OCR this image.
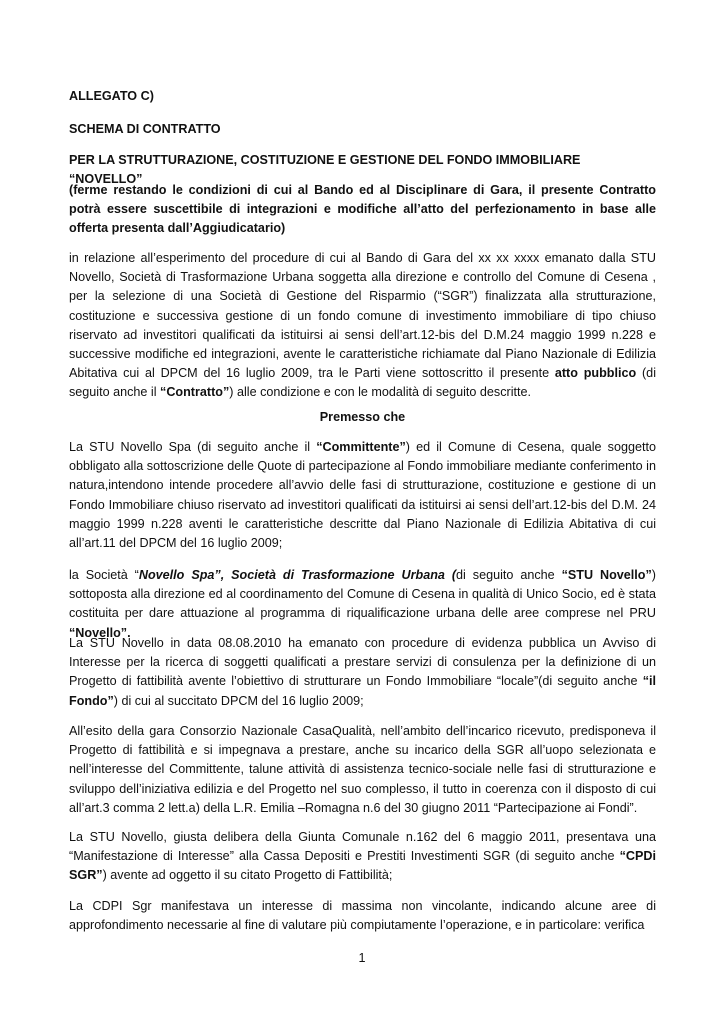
ALLEGATO C)
SCHEMA DI CONTRATTO
PER LA STRUTTURAZIONE, COSTITUZIONE E GESTIONE DEL FONDO IMMOBILIARE “NOVELLO”
(ferme restando le condizioni di cui al Bando ed al Disciplinare di Gara, il presente Contratto potrà essere suscettibile di integrazioni e modifiche all’atto del perfezionamento in base alle offerta presenta dall’Aggiudicatario)
in relazione all’esperimento del procedure di cui al Bando di Gara del xx xx xxxx emanato dalla STU Novello, Società di Trasformazione Urbana soggetta alla direzione e controllo del Comune di Cesena , per la selezione di una Società di Gestione del Risparmio (“SGR”) finalizzata alla strutturazione, costituzione e successiva gestione di un fondo comune di investimento immobiliare di tipo chiuso riservato ad investitori qualificati da istituirsi ai sensi dell’art.12-bis del D.M.24 maggio 1999 n.228 e successive modifiche ed integrazioni, avente le caratteristiche richiamate dal Piano Nazionale di Edilizia Abitativa cui al DPCM del 16 luglio 2009, tra le Parti viene sottoscritto il presente atto pubblico (di seguito anche il “Contratto”) alle condizione e con le modalità di seguito descritte.
Premesso che
La STU Novello Spa (di seguito anche il “Committente”) ed il Comune di Cesena, quale soggetto obbligato alla sottoscrizione delle Quote di partecipazione al Fondo immobiliare mediante conferimento in natura,intendono intende procedere all’avvio delle fasi di strutturazione, costituzione e gestione di un Fondo Immobiliare chiuso riservato ad investitori qualificati da istituirsi ai sensi dell’art.12-bis del D.M. 24 maggio 1999 n.228 aventi le caratteristiche descritte dal Piano Nazionale di Edilizia Abitativa di cui all’art.11 del DPCM del 16 luglio 2009;
la Società “Novello Spa”, Società di Trasformazione Urbana (di seguito anche “STU Novello”) sottoposta alla direzione ed al coordinamento del Comune di Cesena in qualità di Unico Socio, ed è stata costituita per dare attuazione al programma di riqualificazione urbana delle aree comprese nel PRU “Novello”.
La STU Novello in data 08.08.2010 ha emanato con procedure di evidenza pubblica un Avviso di Interesse per la ricerca di soggetti qualificati a prestare servizi di consulenza per la definizione di un Progetto di fattibilità avente l’obiettivo di strutturare un Fondo Immobiliare “locale”(di seguito anche “il Fondo”) di cui al succitato DPCM del 16 luglio 2009;
All’esito della gara Consorzio Nazionale CasaQualità, nell’ambito dell’incarico ricevuto, predisponeva il Progetto di fattibilità e si impegnava a prestare, anche su incarico della SGR all’uopo selezionata e nell’interesse del Committente, talune attività di assistenza tecnico-sociale nelle fasi di strutturazione e sviluppo dell’iniziativa edilizia e del Progetto nel suo complesso, il tutto in coerenza con il disposto di cui all’art.3 comma 2 lett.a) della L.R. Emilia –Romagna n.6 del 30 giugno 2011 “Partecipazione ai Fondi”.
La STU Novello, giusta delibera della Giunta Comunale n.162 del 6 maggio 2011, presentava una “Manifestazione di Interesse” alla Cassa Depositi e Prestiti Investimenti SGR (di seguito anche “CPDi SGR”) avente ad oggetto il su citato Progetto di Fattibilità;
La CDPI Sgr manifestava un interesse di massima non vincolante, indicando alcune aree di approfondimento necessarie al fine di valutare più compiutamente l’operazione, e in particolare: verifica
1
